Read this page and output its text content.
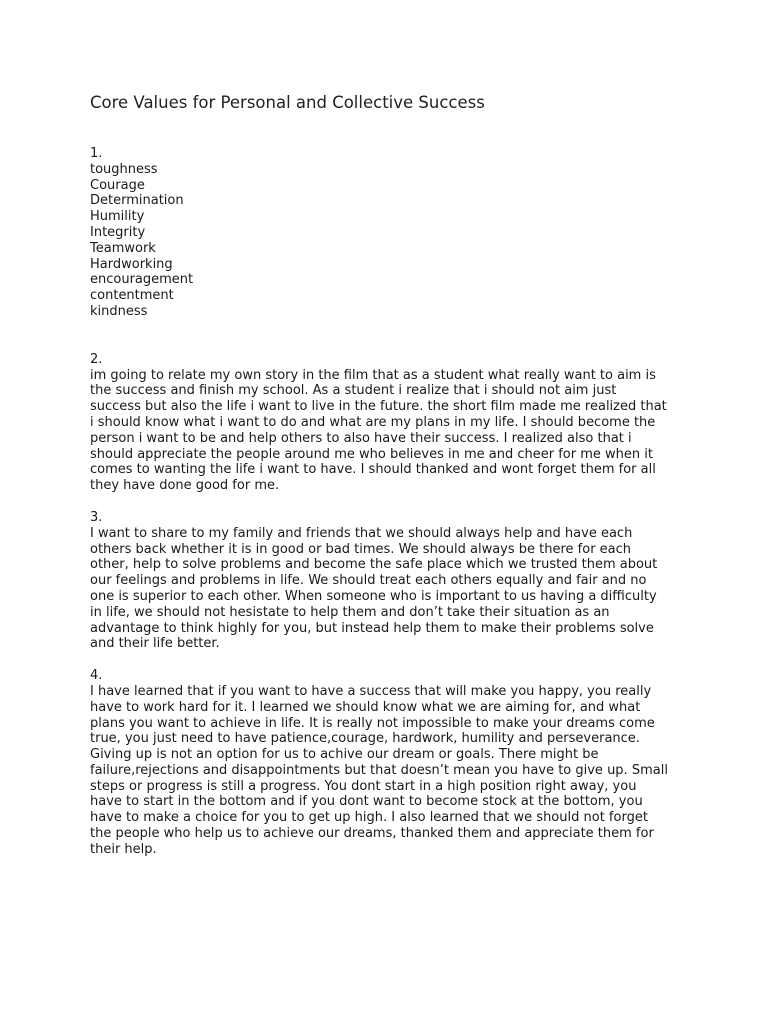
Core Values for Personal and Collective Success
1.
toughness
Courage
Determination
Humility
Integrity
Teamwork
Hardworking
encouragement
contentment
kindness
2.
im going to relate my own story in the film that as a student what really want to aim is
the success and finish my school. As a student i realize that i should not aim just
success but also the life i want to live in the future. the short film made me realized that
i should know what i want to do and what are my plans in my life. I should become the
person i want to be and help others to also have their success. I realized also that i
should appreciate the people around me who believes in me and cheer for me when it
comes to wanting the life i want to have. I should thanked and wont forget them for all
they have done good for me.
3.
I want to share to my family and friends that we should always help and have each
others back whether it is in good or bad times. We should always be there for each
other, help to solve problems and become the safe place which we trusted them about
our feelings and problems in life. We should treat each others equally and fair and no
one is superior to each other. When someone who is important to us having a difficulty
in life, we should not hesistate to help them and don’t take their situation as an
advantage to think highly for you, but instead help them to make their problems solve
and their life better.
4.
I have learned that if you want to have a success that will make you happy, you really
have to work hard for it. I learned we should know what we are aiming for, and what
plans you want to achieve in life. It is really not impossible to make your dreams come
true, you just need to have patience,courage, hardwork, humility and perseverance.
Giving up is not an option for us to achive our dream or goals. There might be
failure,rejections and disappointments but that doesn’t mean you have to give up. Small
steps or progress is still a progress. You dont start in a high position right away, you
have to start in the bottom and if you dont want to become stock at the bottom, you
have to make a choice for you to get up high. I also learned that we should not forget
the people who help us to achieve our dreams, thanked them and appreciate them for
their help.
